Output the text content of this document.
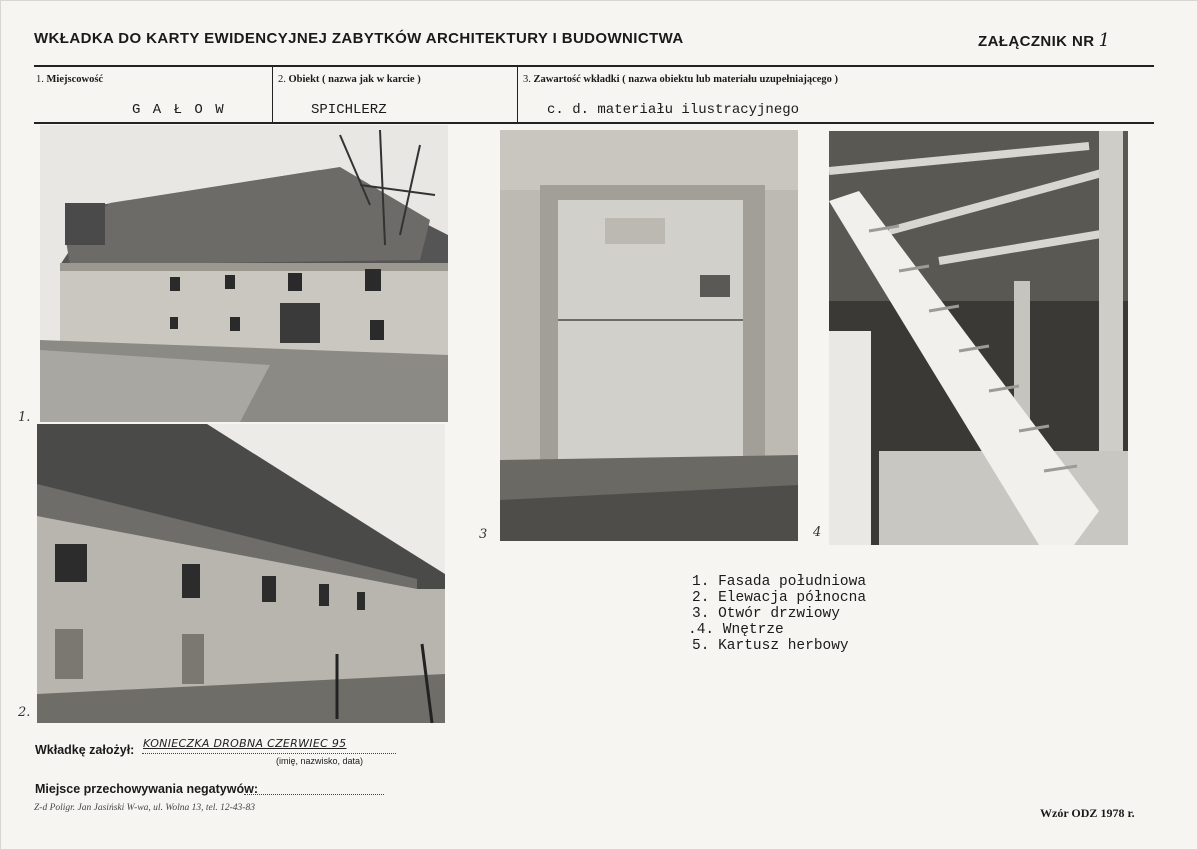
WKŁADKA DO KARTY EWIDENCYJNEJ ZABYTKÓW ARCHITEKTURY I BUDOWNICTWA	ZAŁĄCZNIK NR 1
1. Miejscowość	2. Obiekt ( nazwa jak w karcie )	3. Zawartość wkładki ( nazwa obiektu lub materiału uzupełniającego )
G A Ł O W	SPICHLERZ	c. d. materiału ilustracyjnego
1.
2.
3	4
1. Fasada południowa
2. Elewacja północna
3. Otwór drzwiowy
.4. Wnętrze
5. Kartusz herbowy
Wkładkę założył: KONIECZKA DROBNA CZERWIEC 95
(imię, nazwisko, data)
Miejsce przechowywania negatywów:
Z-d Poligr. Jan Jasiński W-wa, ul. Wolna 13, tel. 12-43-83	Wzór ODZ 1978 r.
